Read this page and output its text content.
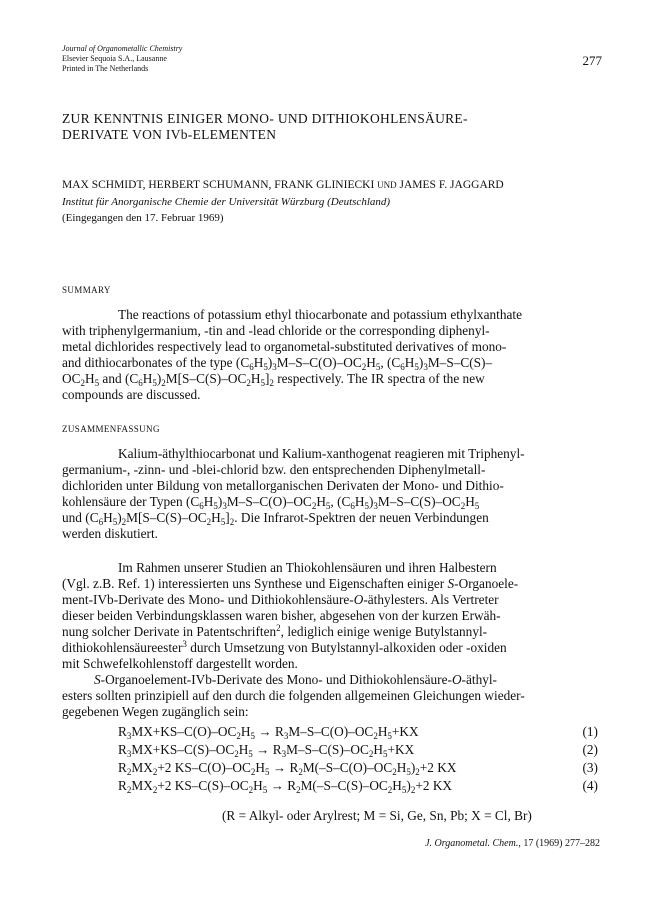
Journal of Organometallic Chemistry
Elsevier Sequoia S.A., Lausanne
Printed in The Netherlands
277
ZUR KENNTNIS EINIGER MONO- UND DITHIOKOHLENSÄURE-
DERIVATE VON IVb-ELEMENTEN
MAX SCHMIDT, HERBERT SCHUMANN, FRANK GLINIECKI UND JAMES F. JAGGARD
Institut für Anorganische Chemie der Universität Würzburg (Deutschland)
(Eingegangen den 17. Februar 1969)
SUMMARY
The reactions of potassium ethyl thiocarbonate and potassium ethylxanthate
with triphenylgermanium, -tin and -lead chloride or the corresponding diphenyl-
metal dichlorides respectively lead to organometal-substituted derivatives of mono-
and dithiocarbonates of the type $(C_6H_5)_3M-S-C(O)-OC_2H_5$, $(C_6H_5)_3M-S-C(S)-$
$OC_2H_5$ and $(C_6H_5)_2M[S-C(S)-OC_2H_5]_2$ respectively. The IR spectra of the new
compounds are discussed.
ZUSAMMENFASSUNG
Kalium-äthylthiocarbonat und Kalium-xanthogenat reagieren mit Triphenyl-
germanium-, -zinn- und -blei-chlorid bzw. den entsprechenden Diphenylmetall-
dichloriden unter Bildung von metallorganischen Derivaten der Mono- und Dithio-
kohlensäure der Typen $(C_6H_5)_3M-S-C(O)-OC_2H_5$, $(C_6H_5)_3M-S-C(S)-OC_2H_5$
und $(C_6H_5)_2M[S-C(S)-OC_2H_5]_2$. Die Infrarot-Spektren der neuen Verbindungen
werden diskutiert.
Im Rahmen unserer Studien an Thiokohlensäuren und ihren Halbestern
(Vgl. z.B. Ref. 1) interessierten uns Synthese und Eigenschaften einiger S-Organoele-
ment-IVb-Derivate des Mono- und Dithiokohlensäure-O-äthylesters. Als Vertreter
dieser beiden Verbindungsklassen waren bisher, abgesehen von der kurzen Erwäh-
nung solcher Derivate in Patentschriften$^2$, lediglich einige wenige Butylstannyl-
dithiokohlensäureester$^3$ durch Umsetzung von Butylstannyl-alkoxiden oder -oxiden
mit Schwefelkohlenstoff dargestellt worden.
S-Organoelement-IVb-Derivate des Mono- und Dithiokohlensäure-O-äthyl-
esters sollten prinzipiell auf den durch die folgenden allgemeinen Gleichungen wieder-
gegebenen Wegen zugänglich sein:
$R_3MX+KS-C(O)-OC_2H_5 \to R_3M-S-C(O)-OC_2H_5+KX$	(1)
$R_3MX+KS-C(S)-OC_2H_5 \to R_3M-S-C(S)-OC_2H_5+KX$	(2)
$R_2MX_2+2$ $KS-C(O)-OC_2H_5 \to R_2M(-S-C(O)-OC_2H_5)_2+2$ KX	(3)
$R_2MX_2+2$ $KS-C(S)-OC_2H_5 \to R_2M(-S-C(S)-OC_2H_5)_2+2$ KX	(4)
(R = Alkyl- oder Arylrest; M = Si, Ge, Sn, Pb; X = Cl, Br)
J. Organometal. Chem., 17 (1969) 277–282
